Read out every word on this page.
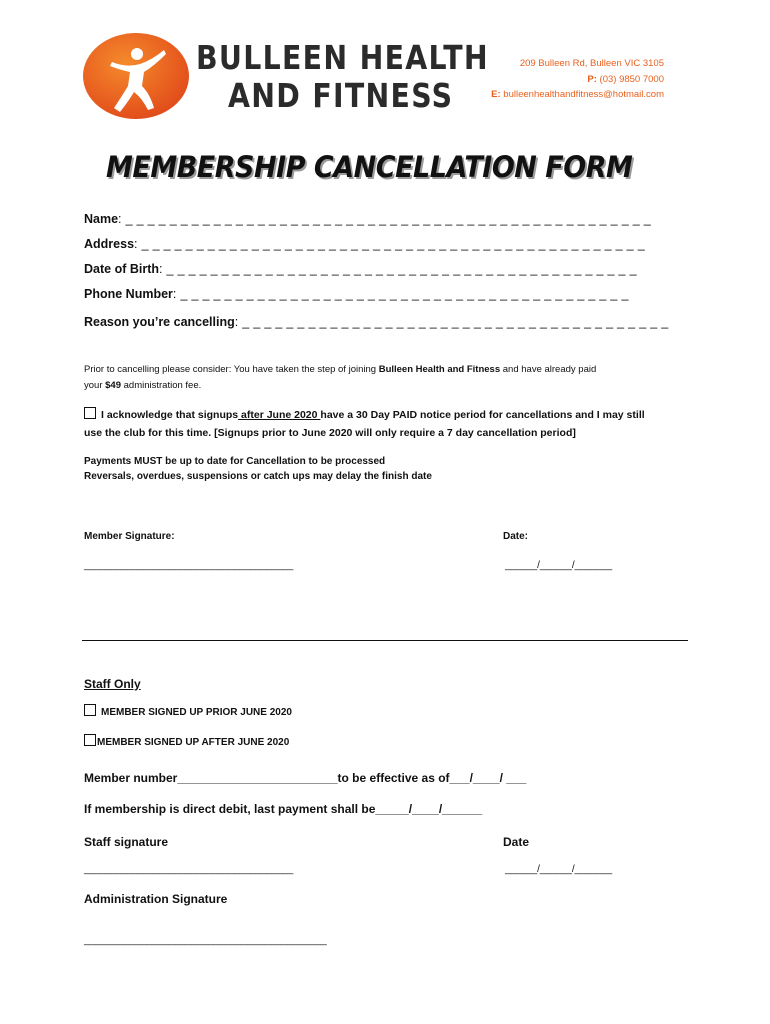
BULLEEN HEALTH
AND FITNESS
209 Bulleen Rd, Bulleen VIC 3105
P: (03) 9850 7000
E: bulleenhealthandfitness@hotmail.com
MEMBERSHIP CANCELLATION FORM
Name: _ _ _ _ _ _ _ _ _ _ _ _ _ _ _ _ _ _ _ _ _ _ _ _ _ _ _ _ _ _ _ _ _ _ _ _ _ _ _ _ _ _ _ _ _ _ _ _
Address: _ _ _ _ _ _ _ _ _ _ _ _ _ _ _ _ _ _ _ _ _ _ _ _ _ _ _ _ _ _ _ _ _ _ _ _ _ _ _ _ _ _ _ _ _ _
Date of Birth: _ _ _ _ _ _ _ _ _ _ _ _ _ _ _ _ _ _ _ _ _ _ _ _ _ _ _ _ _ _ _ _ _ _ _ _ _ _ _ _ _ _ _
Phone Number: _ _ _ _ _ _ _ _ _ _ _ _ _ _ _ _ _ _ _ _ _ _ _ _ _ _ _ _ _ _ _ _ _ _ _ _ _ _ _ _ _
Reason you’re cancelling: _ _ _ _ _ _ _ _ _ _ _ _ _ _ _ _ _ _ _ _ _ _ _ _ _ _ _ _ _ _ _ _ _ _ _ _ _ _ _
Prior to cancelling please consider: You have taken the step of joining Bulleen Health and Fitness and have already paid
your $49 administration fee.
I acknowledge that signups after June 2020 have a 30 Day PAID notice period for cancellations and I may still
use the club for this time. [Signups prior to June 2020 will only require a 7 day cancellation period]
Payments MUST be up to date for Cancellation to be processed
Reversals, overdues, suspensions or catch ups may delay the finish date
Member Signature:	Date:
_______________________________________	______/______/_______
Staff Only
MEMBER SIGNED UP PRIOR JUNE 2020
MEMBER SIGNED UP AFTER JUNE 2020
Member number________________________to be effective as of___/____/ ___
If membership is direct debit, last payment shall be_____/____/______
Staff signature	Date
_______________________________________	______/______/_______
Administration Signature
___________________________________________
